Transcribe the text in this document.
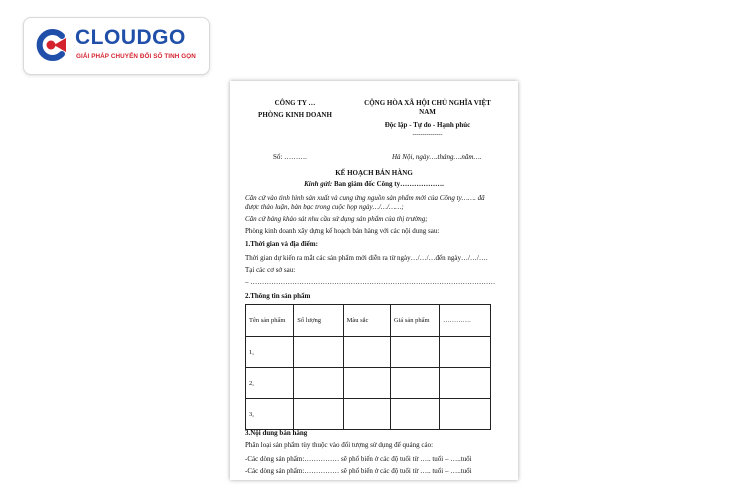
CLOUDGO
GIẢI PHÁP CHUYỂN ĐỔI SỐ TINH GỌN
CÔNG TY …
PHÒNG KINH DOANH
CỘNG HÒA XÃ HỘI CHỦ NGHĨA VIỆT
NAM
Độc lập - Tự do - Hạnh phúc
---------------
Số: ……….	Hà Nội, ngày….tháng….năm….
KẾ HOẠCH BÁN HÀNG
Kính gửi: Ban giám đốc Công ty……………….
Căn cứ vào tình hình sản xuất và cung ứng nguồn sản phẩm mới của Công ty……. đã
được thảo luận, bàn bạc trong cuộc họp ngày…/…/……;
Căn cứ bảng khảo sát nhu cầu sử dụng sản phẩm của thị trường;
Phòng kinh doanh xây dựng kế hoạch bán hàng với các nội dung sau:
1.Thời gian và địa điểm:
Thời gian dự kiến ra mắt các sản phẩm mới diễn ra từ ngày…/…/…đến ngày…/…/….
Tại các cơ sở sau:
– ……………………………………………………………………………………………
2.Thông tin sản phẩm
Tên sản phẩm	Số lượng	Màu sắc	Giá sản phẩm	………….
1,				
2,				
3,				
3.Nội dung bán hàng
Phân loại sản phẩm tùy thuộc vào đối tượng sử dụng để quảng cáo:
-Các dòng sản phẩm:…………… sẽ phổ biến ở các độ tuổi từ ….. tuổi – …..tuổi
-Các dòng sản phẩm:…………… sẽ phổ biến ở các độ tuổi từ ….. tuổi – …..tuổi
